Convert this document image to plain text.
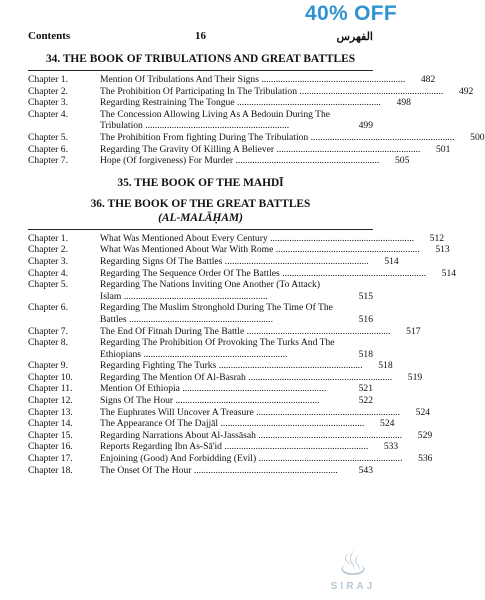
40% OFF
Contents	16	الفهرس
34. THE BOOK OF TRIBULATIONS AND GREAT BATTLES
Chapter 1.	Mention Of Tribulations And Their Signs .....	482
Chapter 2.	The Prohibition Of Participating In The Tribulation .....	492
Chapter 3.	Regarding Restraining The Tongue .....	498
Chapter 4.	The Concession Allowing Living As A Bedouin During The
Tribulation .....	499
Chapter 5.	The Prohibition From fighting During The Tribulation .....	500
Chapter 6.	Regarding The Gravity Of Killing A Believer .....	501
Chapter 7.	Hope (Of forgiveness) For Murder .....	505
35. THE BOOK OF THE MAHDĪ
36. THE BOOK OF THE GREAT BATTLES
(AL-MALĀḤAM)
Chapter 1.	What Was Mentioned About Every Century .....	512
Chapter 2.	What Was Mentioned About War With Rome .....	513
Chapter 3.	Regarding Signs Of The Battles .....	514
Chapter 4.	Regarding The Sequence Order Of The Battles .....	514
Chapter 5.	Regarding The Nations Inviting One Another (To Attack)
Islam .....	515
Chapter 6.	Regarding The Muslim Stronghold During The Time Of The
Battles .....	516
Chapter 7.	The End Of Fitnah During The Battle .....	517
Chapter 8.	Regarding The Prohibition Of Provoking The Turks And The
Ethiopians .....	518
Chapter 9.	Regarding Fighting The Turks .....	518
Chapter 10.	Regarding The Mention Of Al-Basrah .....	519
Chapter 11.	Mention Of Ethiopia .....	521
Chapter 12.	Signs Of The Hour .....	522
Chapter 13.	The Euphrates Will Uncover A Treasure .....	524
Chapter 14.	The Appearance Of The Dajjāl .....	524
Chapter 15.	Regarding Narrations About Al-Jassāsah .....	529
Chapter 16.	Reports Regarding Ibn As-Sā'id .....	533
Chapter 17.	Enjoining (Good) And Forbidding (Evil) .....	536
Chapter 18.	The Onset Of The Hour .....	543
♨
SIRAJ
